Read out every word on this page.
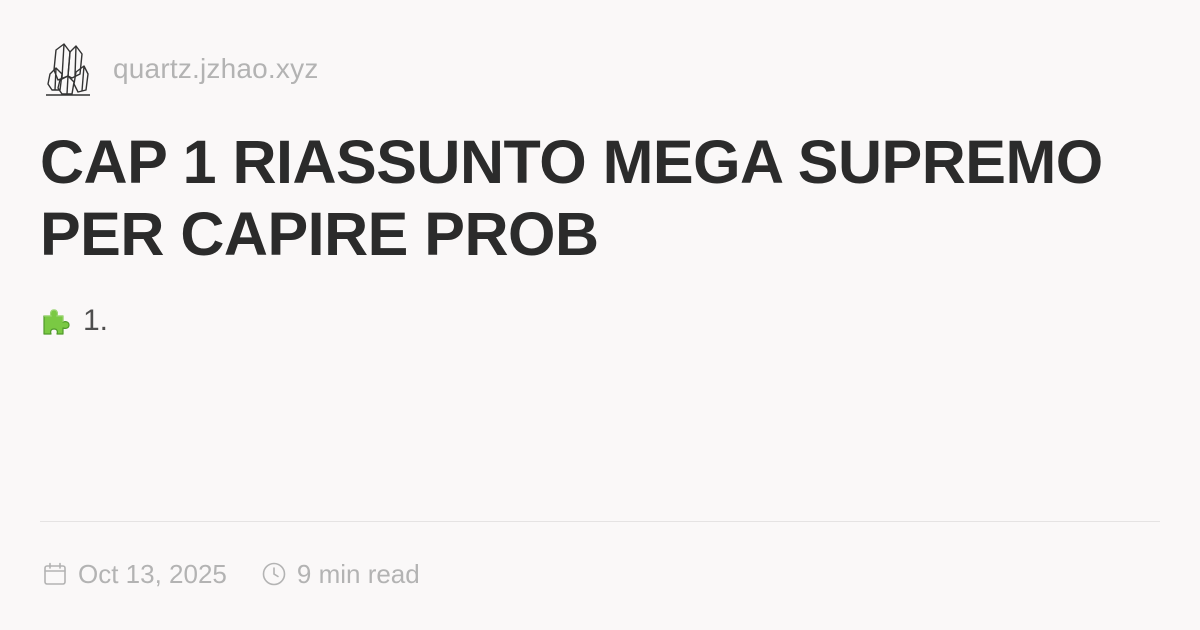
quartz.jzhao.xyz
CAP 1 RIASSUNTO MEGA SUPREMO PER CAPIRE PROB
1.
Oct 13, 2025	9 min read
